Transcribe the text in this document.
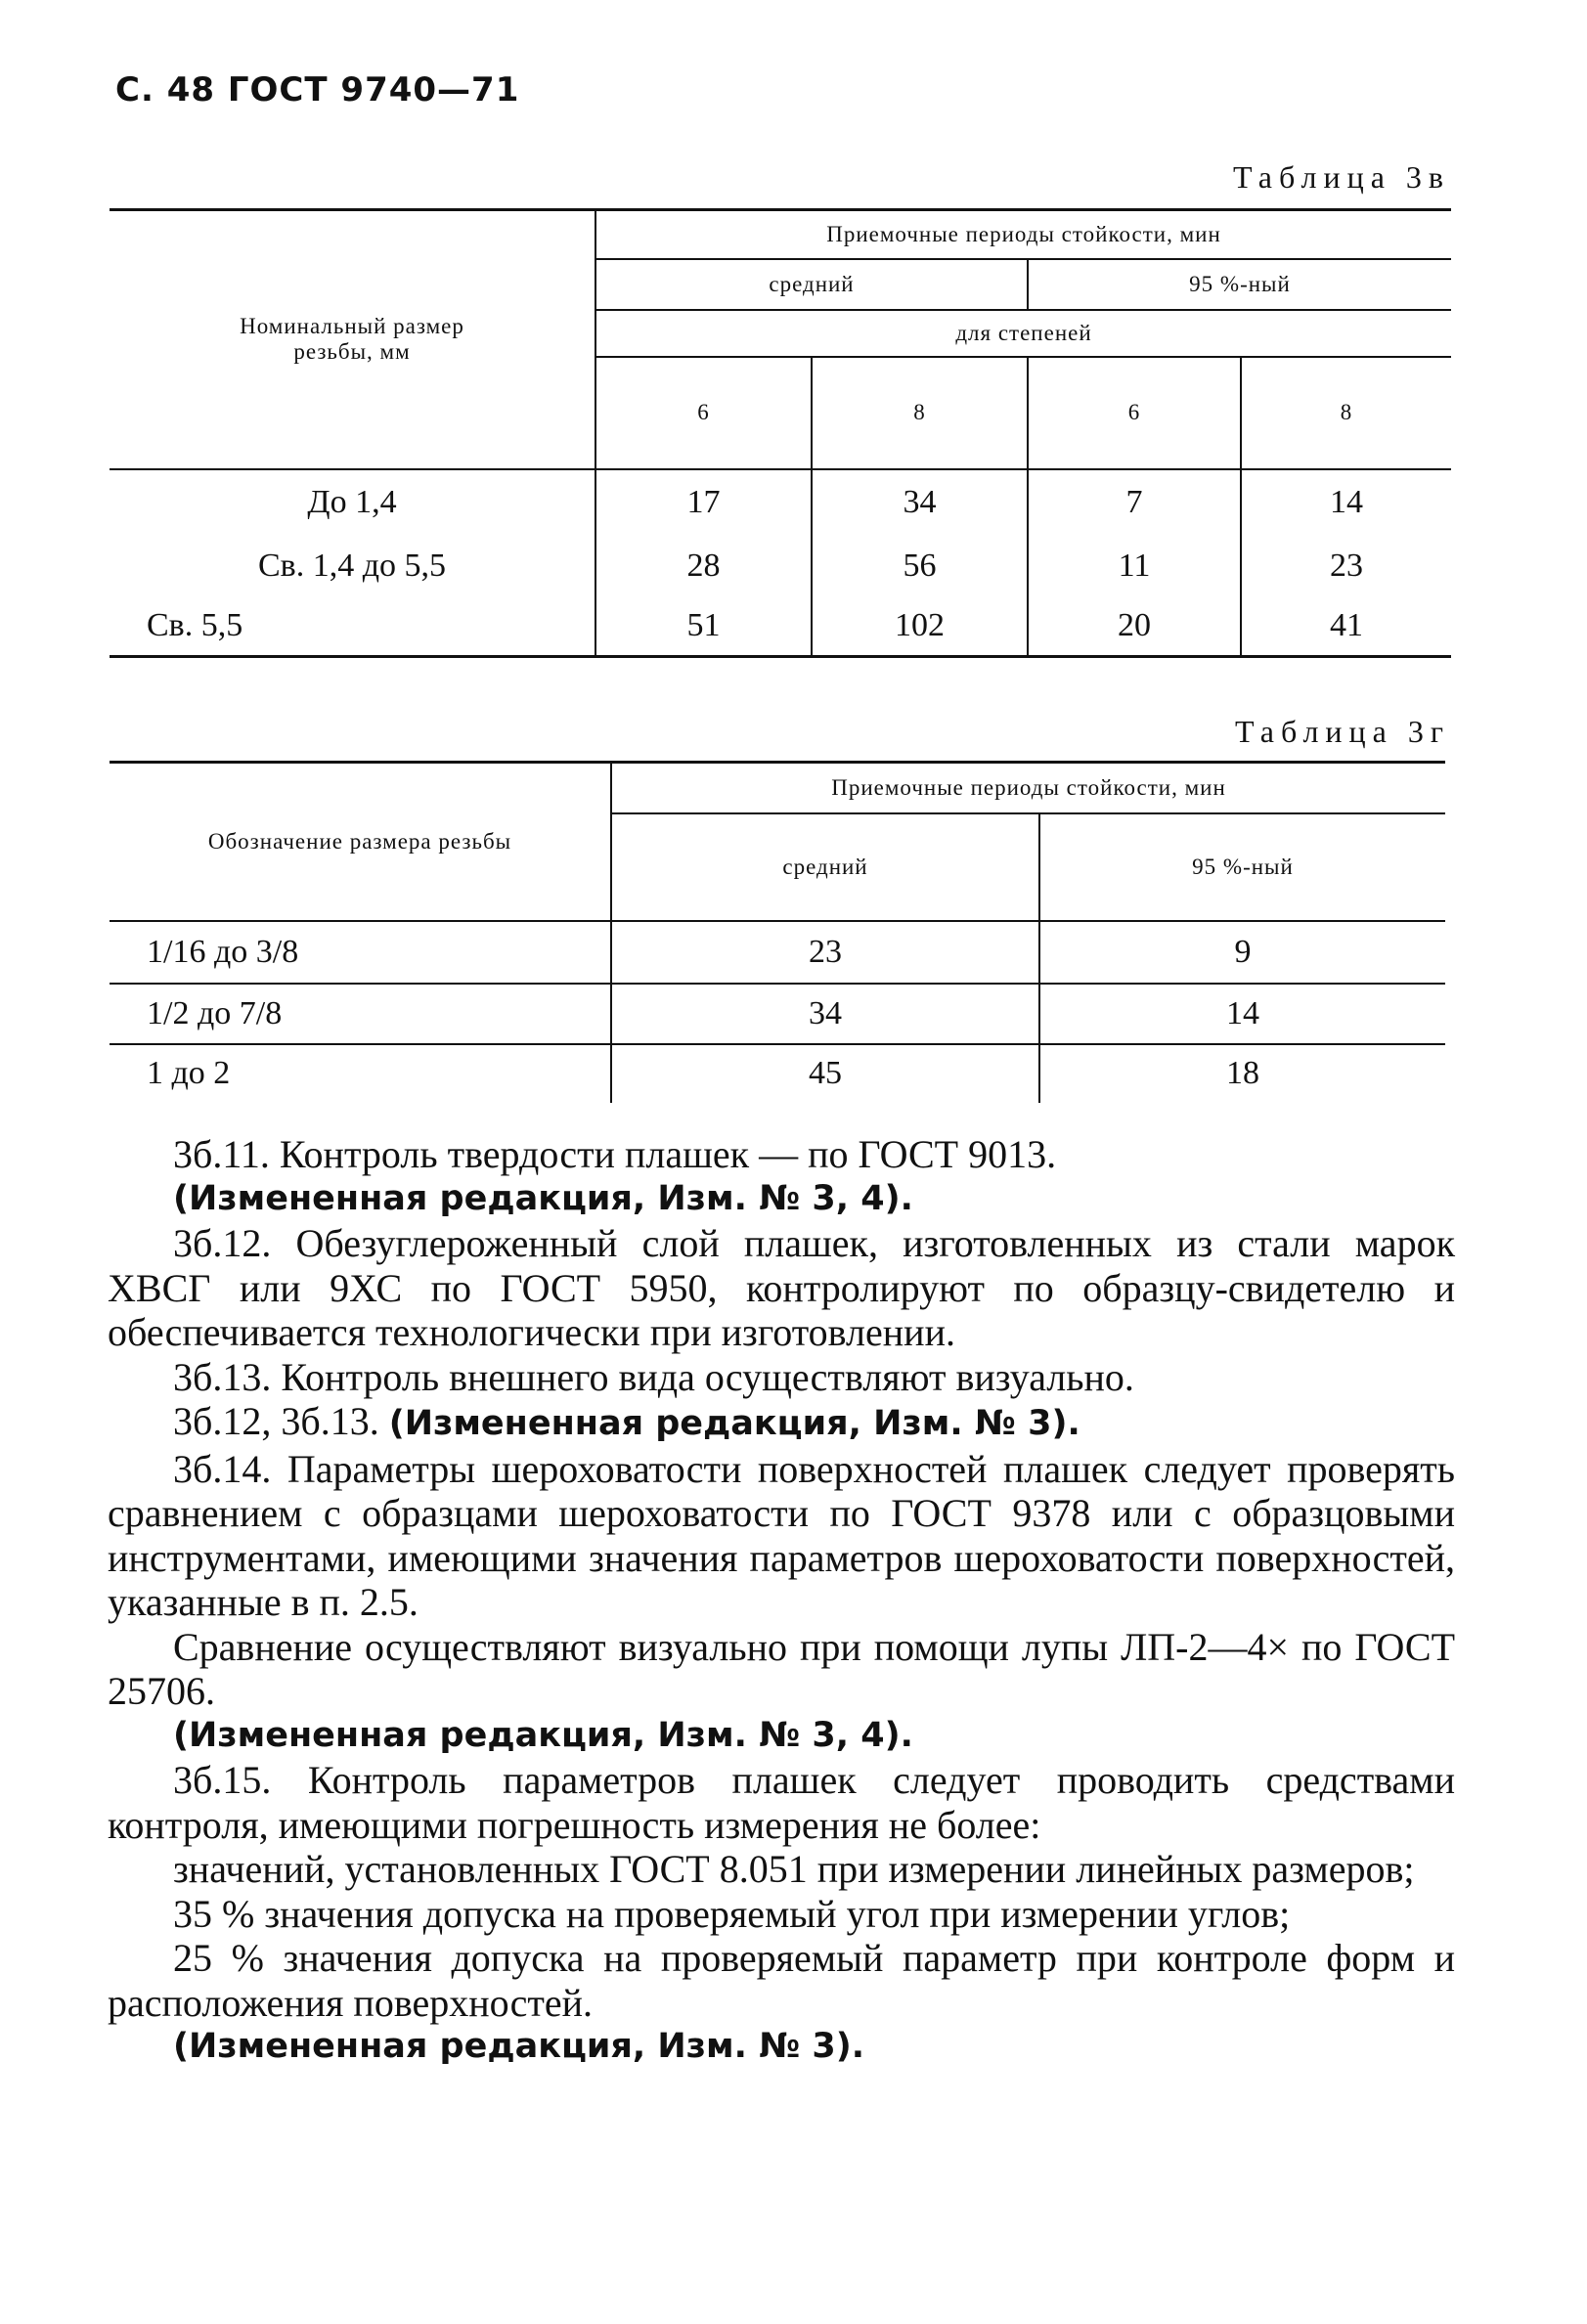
С. 48 ГОСТ 9740—71
Таблица 3в
Номинальный размер резьбы, мм	Приемочные периоды стойкости, мин			
	средний		95 %-ный	
	для степеней			
	6	8	6	8
До 1,4	17	34	7	14
Св. 1,4 до 5,5	28	56	11	23
Св. 5,5	51	102	20	41
Таблица 3г
Обозначение размера резьбы	Приемочные периоды стойкости, мин	
	средний	95 %-ный
1/16 до 3/8	23	9
1/2 до 7/8	34	14
1 до 2	45	18

3б.11. Контроль твердости плашек — по ГОСТ 9013.

(Измененная редакция, Изм. № 3, 4).

3б.12. Обезуглероженный слой плашек, изготовленных из стали марок ХВСГ или 9ХС по ГОСТ 5950, контролируют по образцу-свидетелю и обеспечивается технологически при изготовлении.

3б.13. Контроль внешнего вида осуществляют визуально.

3б.12, 3б.13. (Измененная редакция, Изм. № 3).

3б.14. Параметры шероховатости поверхностей плашек следует проверять сравнением с образцами шероховатости по ГОСТ 9378 или с образцовыми инструментами, имеющими значения параметров шероховатости поверхностей, указанные в п. 2.5.

Сравнение осуществляют визуально при помощи лупы ЛП-2—4× по ГОСТ 25706.

(Измененная редакция, Изм. № 3, 4).

3б.15. Контроль параметров плашек следует проводить средствами контроля, имеющими погрешность измерения не более:

значений, установленных ГОСТ 8.051 при измерении линейных размеров;

35 % значения допуска на проверяемый угол при измерении углов;

25 % значения допуска на проверяемый параметр при контроле форм и расположения поверхностей.

(Измененная редакция, Изм. № 3).
